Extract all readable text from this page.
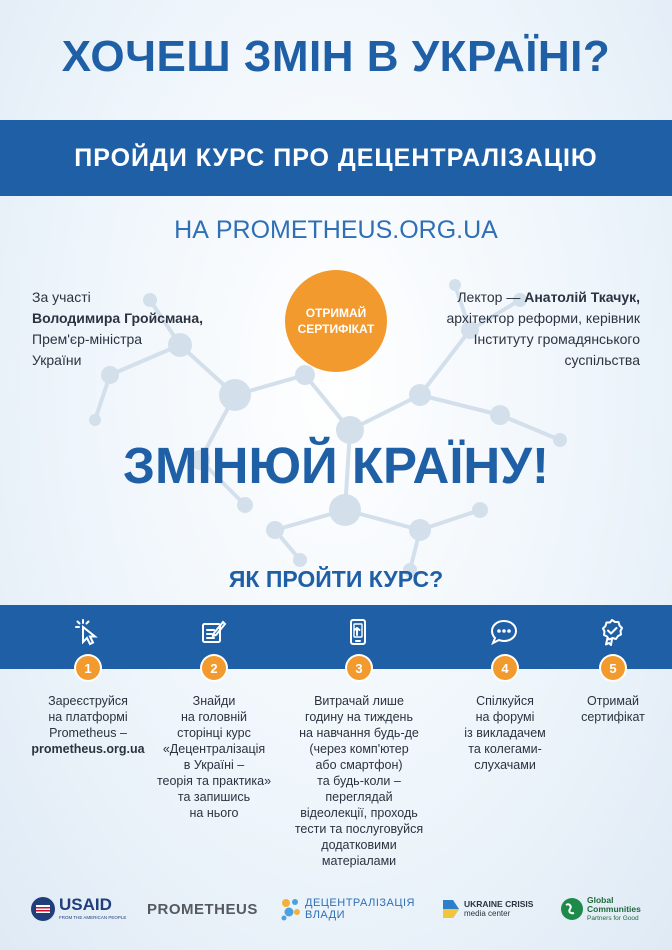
ХОЧЕШ ЗМІН В УКРАЇНІ?
ПРОЙДИ КУРС ПРО ДЕЦЕНТРАЛІЗАЦІЮ
НА PROMETHEUS.ORG.UA
За участі
Володимира Гройсмана,
Прем'єр-міністра
України
ОТРИМАЙ
СЕРТИФІКАТ
Лектор — Анатолій Ткачук,
архітектор реформи, керівник
Інституту громадянського
суспільства
ЗМІНЮЙ КРАЇНУ!
ЯК ПРОЙТИ КУРС?
1	2	3	4	5
Зареєструйся
на платформі
Prometheus –
prometheus.org.ua
Знайди
на головній
сторінці курс
«Децентралізація
в Україні –
теорія та практика»
та запишись
на нього
Витрачай лише
годину на тиждень
на навчання будь-де
(через комп'ютер
або смартфон)
та будь-коли –
переглядай
відеолекції, проходь
тести та послуговуйся
додатковими матеріалами
Спілкуйся
на форумі
із викладачем
та колегами-
слухачами
Отримай
сертифікат
USAID
FROM THE AMERICAN PEOPLE PROMETHEUS	ДЕЦЕНТРАЛІЗАЦІЯ
ВЛАДИ
UKRAINE CRISIS
media center
Global
Communities
Partners for Good
